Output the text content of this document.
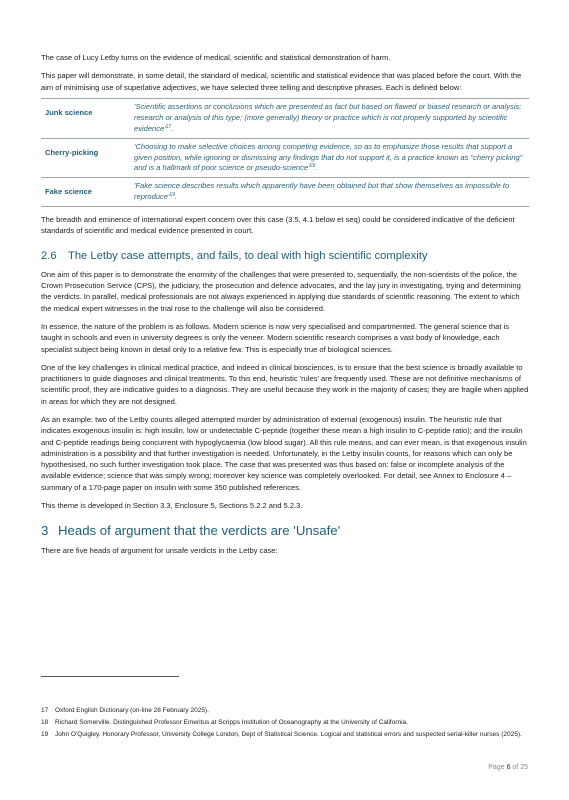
The case of Lucy Letby turns on the evidence of medical, scientific and statistical demonstration of harm.

This paper will demonstrate, in some detail, the standard of medical, scientific and statistical evidence that was placed before the court. With the aim of minimising use of superlative adjectives, we have selected three telling and descriptive phrases. Each is defined below:

Junk science	'Scientific assertions or conclusions which are presented as fact but based on flawed or biased research or analysis; research or analysis of this type; (more generally) theory or practice which is not properly supported by scientific $evidence'^{17}$.
Cherry-picking	'Choosing to make selective choices among competing evidence, so as to emphasize those results that support a given position, while ignoring or dismissing any findings that do not support it, is a practice known as "cherry picking" and is a hallmark of poor science or pseudo-$science'^{18}$.
Fake science	'Fake science describes results which apparently have been obtained but that show themselves as impossible to $reproduce'^{19}$.

The breadth and eminence of international expert concern over this case (3.5, 4.1 below et seq) could be considered indicative of the deficient standards of scientific and medical evidence presented in court.

2.6 The Letby case attempts, and fails, to deal with high scientific complexity

One aim of this paper is to demonstrate the enormity of the challenges that were presented to, sequentially, the non-scientists of the police, the Crown Prosecution Service (CPS), the judiciary, the prosecution and defence advocates, and the lay jury in investigating, trying and determining the verdicts. In parallel, medical professionals are not always experienced in applying due standards of scientific reasoning. The extent to which the medical expert witnesses in the trial rose to the challenge will also be considered.

In essence, the nature of the problem is as follows. Modern science is now very specialised and compartmented. The general science that is taught in schools and even in university degrees is only the veneer. Modern scientific research comprises a vast body of knowledge, each specialist subject being known in detail only to a relative few. This is especially true of biological sciences.

One of the key challenges in clinical medical practice, and indeed in clinical biosciences, is to ensure that the best science is broadly available to practitioners to guide diagnoses and clinical treatments. To this end, heuristic 'rules' are frequently used. These are not definitive mechanisms of scientific proof, they are indicative guides to a diagnosis. They are useful because they work in the majority of cases; they are fragile when applied in areas for which they are not designed.

As an example: two of the Letby counts alleged attempted murder by administration of external (exogenous) insulin. The heuristic rule that indicates exogenous insulin is: high insulin, low or undetectable C-peptide (together these mean a high insulin to C-peptide ratio); and the insulin and C-peptide readings being concurrent with hypoglycaemia (low blood sugar). All this rule means, and can ever mean, is that exogenous insulin administration is a possibility and that further investigation is needed. Unfortunately, in the Letby insulin counts, for reasons which can only be hypothesised, no such further investigation took place. The case that was presented was thus based on: false or incomplete analysis of the available evidence; science that was simply wrong; moreover key science was completely overlooked. For detail, see Annex to Enclosure 4 – summary of a 170-page paper on insulin with some 350 published references.

This theme is developed in Section 3.3, Enclosure 5, Sections 5.2.2 and 5.2.3.

3 Heads of argument that the verdicts are 'Unsafe'

There are five heads of argument for unsafe verdicts in the Letby case:

17	Oxford English Dictionary (on-line 28 February 2025).
18	Richard Somerville. Distinguished Professor Emeritus at Scripps Institution of Oceanography at the University of California.
19	John O'Quigley. Honorary Professor, University College London, Dept of Statistical Science. Logical and statistical errors and suspected serial-killer nurses (2025).
Page 6 of 25
